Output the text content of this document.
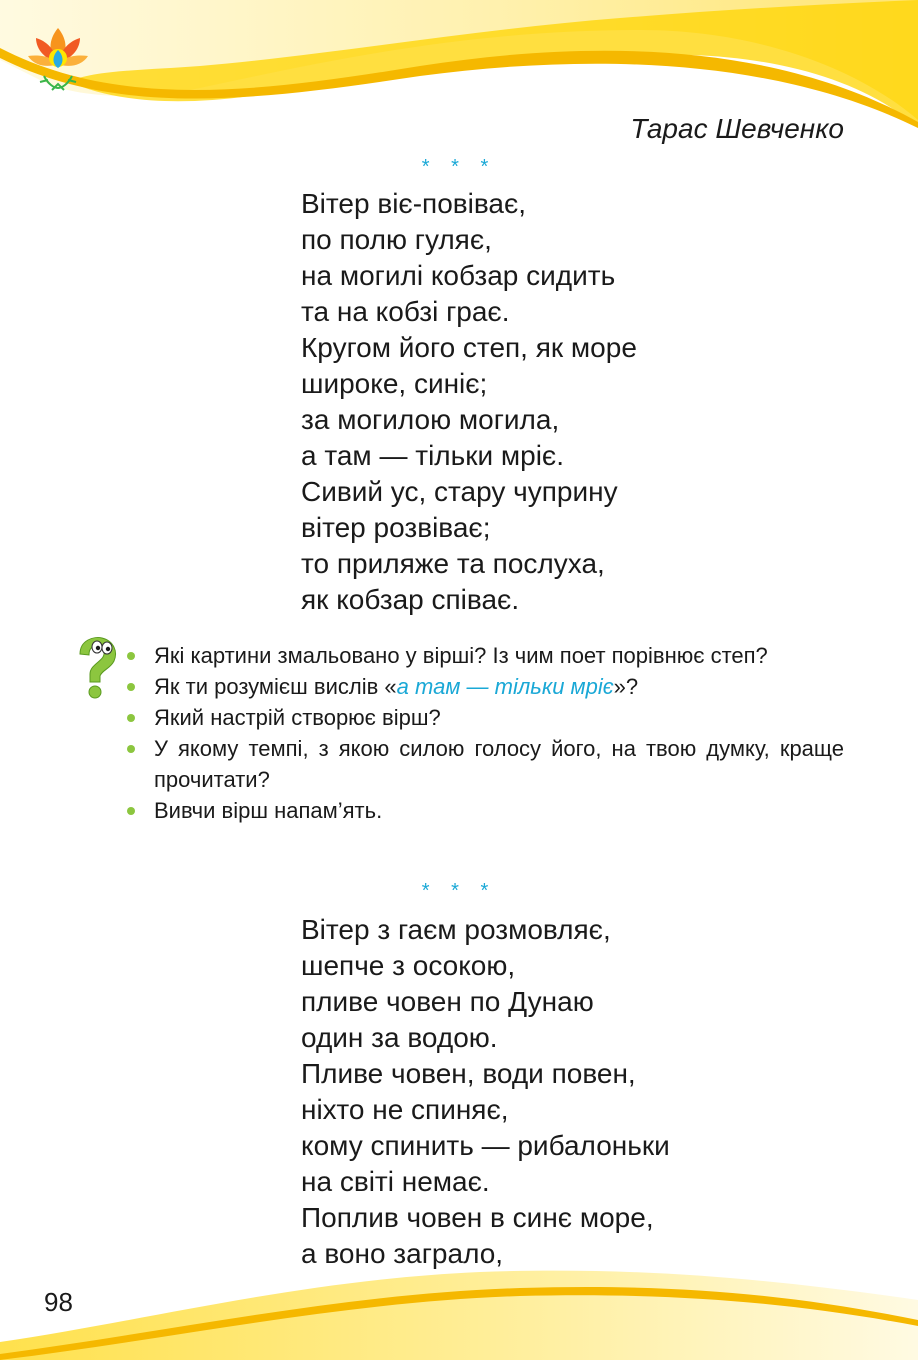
Тарас Шевченко
* * *
Вітер віє-повіває,
по полю гуляє,
на могилі кобзар сидить
та на кобзі грає.
Кругом його степ, як море
широке, синіє;
за могилою могила,
а там — тільки мріє.
Сивий ус, стару чуприну
вітер розвіває;
то приляже та послуха,
як кобзар співає.
Які картини змальовано у вірші? Із чим поет порівнює степ?
Як ти розумієш вислів «а там — тільки мріє»?
Який настрій створює вірш?
У якому темпі, з якою силою голосу його, на твою думку, краще прочитати?
Вивчи вірш напам’ять.
* * *
Вітер з гаєм розмовляє,
шепче з осокою,
пливе човен по Дунаю
один за водою.
Пливе човен, води повен,
ніхто не спиняє,
кому спинить — рибалоньки
на світі немає.
Поплив човен в синє море,
а воно заграло,
98
